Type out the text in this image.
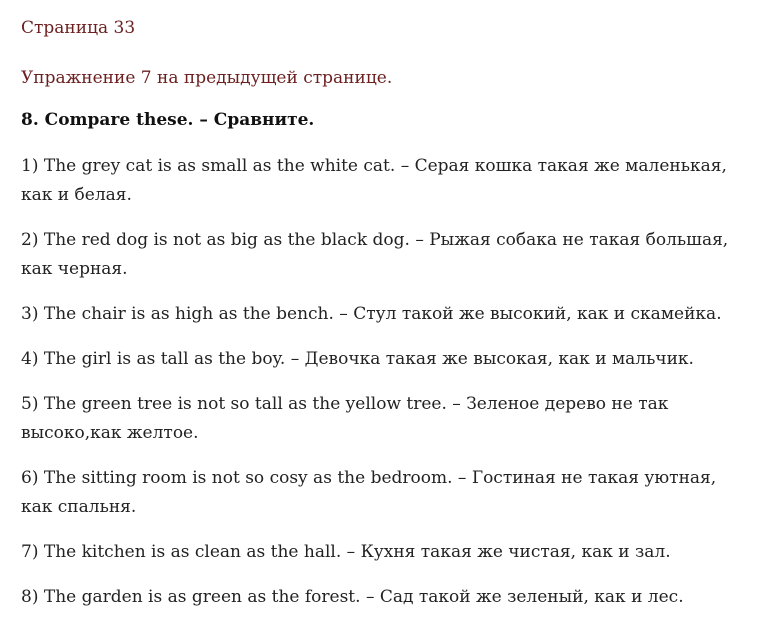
Страница 33

Упражнение 7 на предыдущей странице.

8. Compare these. – Сравните.

1) The grey cat is as small as the white cat. – Серая кошка такая же маленькая, как и белая.
2) The red dog is not as big as the black dog. – Рыжая собака не такая большая, как черная.
3) The chair is as high as the bench. – Стул такой же высокий, как и скамейка.
4) The girl is as tall as the boy. – Девочка такая же высокая, как и мальчик.
5) The green tree is not so tall as the yellow tree. – Зеленое дерево не так высоко,как желтое.
6) The sitting room is not so cosy as the bedroom. – Гостиная не такая уютная, как спальня.
7) The kitchen is as clean as the hall. – Кухня такая же чистая, как и зал.
8) The garden is as green as the forest. – Сад такой же зеленый, как и лес.
